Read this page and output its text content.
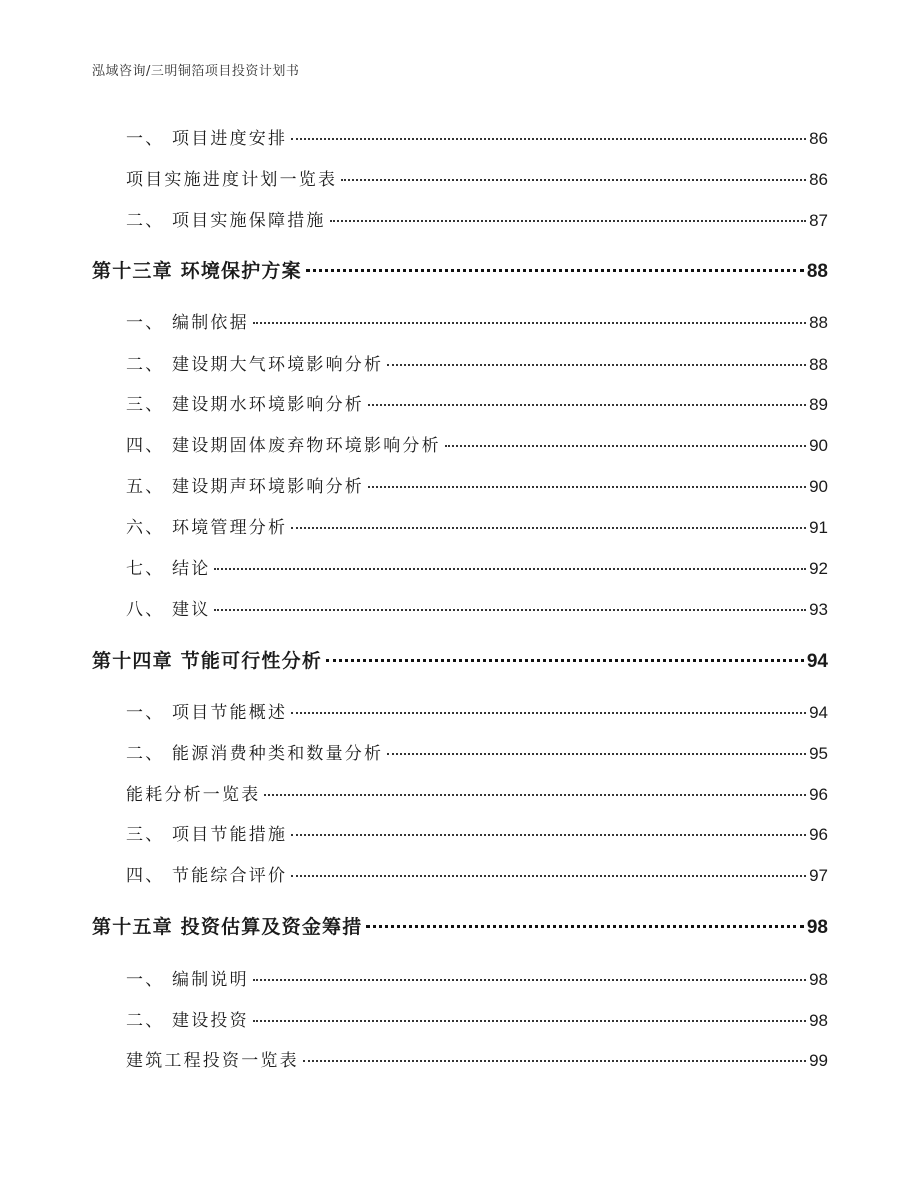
泓域咨询/三明铜箔项目投资计划书
一、 项目进度安排	86
项目实施进度计划一览表	86
二、 项目实施保障措施	87
第十三章 环境保护方案	88
一、 编制依据	88
二、 建设期大气环境影响分析	88
三、 建设期水环境影响分析	89
四、 建设期固体废弃物环境影响分析	90
五、 建设期声环境影响分析	90
六、 环境管理分析	91
七、 结论	92
八、 建议	93
第十四章 节能可行性分析	94
一、 项目节能概述	94
二、 能源消费种类和数量分析	95
能耗分析一览表	96
三、 项目节能措施	96
四、 节能综合评价	97
第十五章 投资估算及资金筹措	98
一、 编制说明	98
二、 建设投资	98
建筑工程投资一览表	99
